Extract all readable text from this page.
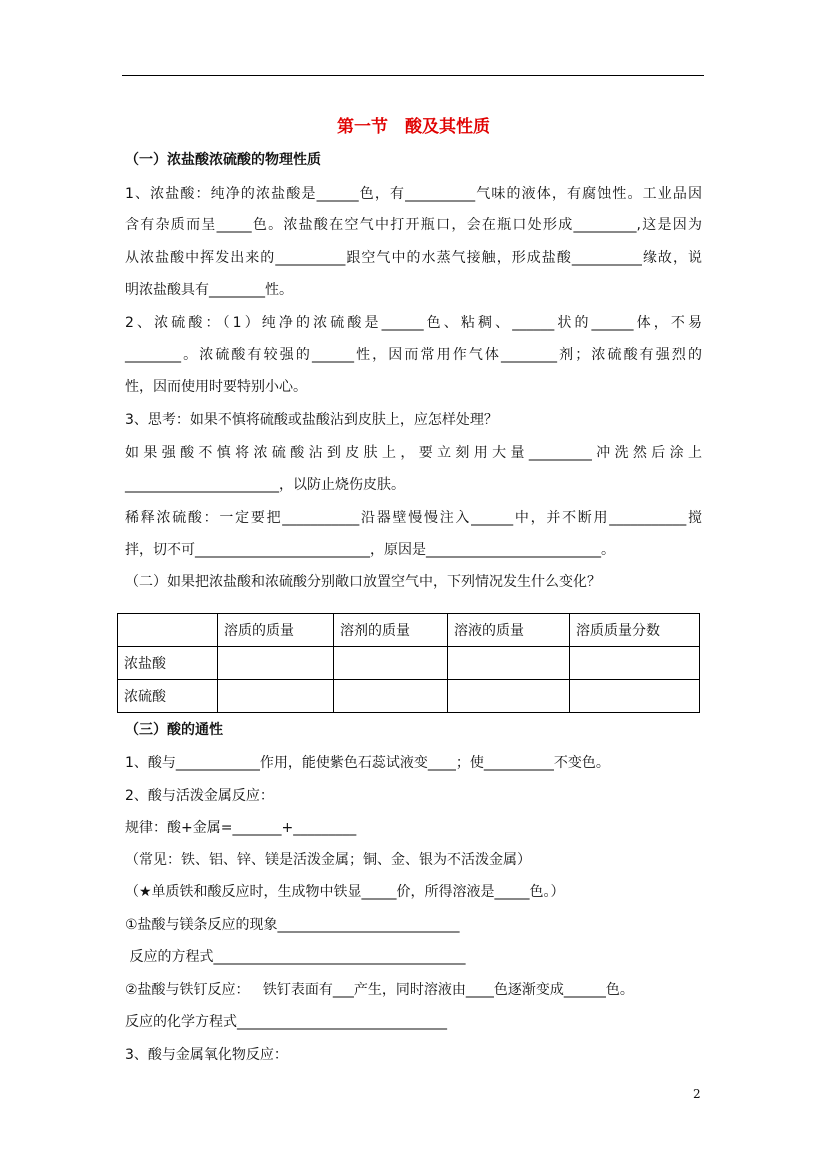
第一节　酸及其性质
（一）浓盐酸浓硫酸的物理性质
1、浓盐酸：纯净的浓盐酸是______色，有__________气味的液体，有腐蚀性。工业品因
含有杂质而呈_____色。浓盐酸在空气中打开瓶口，会在瓶口处形成_________,这是因为
从浓盐酸中挥发出来的__________跟空气中的水蒸气接触，形成盐酸__________缘故，说
明浓盐酸具有________性。
2、浓硫酸：（1）纯净的浓硫酸是______色、粘稠、______状的______体，不易
________。浓硫酸有较强的______性，因而常用作气体________剂；浓硫酸有强烈的
性，因而使用时要特别小心。
3、思考：如果不慎将硫酸或盐酸沾到皮肤上，应怎样处理？
如果强酸不慎将浓硫酸沾到皮肤上，要立刻用大量_________冲洗然后涂上
______________________，以防止烧伤皮肤。
稀释浓硫酸：一定要把___________沿器壁慢慢注入______中，并不断用___________搅
拌，切不可_________________________，原因是_________________________。
（二）如果把浓盐酸和浓硫酸分别敞口放置空气中，下列情况发生什么变化？
	溶质的质量	溶剂的质量	溶液的质量	溶质质量分数
浓盐酸				
浓硫酸				
（三）酸的通性
1、酸与____________作用，能使紫色石蕊试液变____；使__________不变色。
2、酸与活泼金属反应：
规律：酸+金属=_______+_________
（常见：铁、铝、锌、镁是活泼金属；铜、金、银为不活泼金属）
（★单质铁和酸反应时，生成物中铁显_____价，所得溶液是_____色。）
①盐酸与镁条反应的现象__________________________
反应的方程式____________________________________
②盐酸与铁钉反应：   铁钉表面有___产生，同时溶液由____色逐渐变成______色。
反应的化学方程式______________________________
3、酸与金属氧化物反应：
2
